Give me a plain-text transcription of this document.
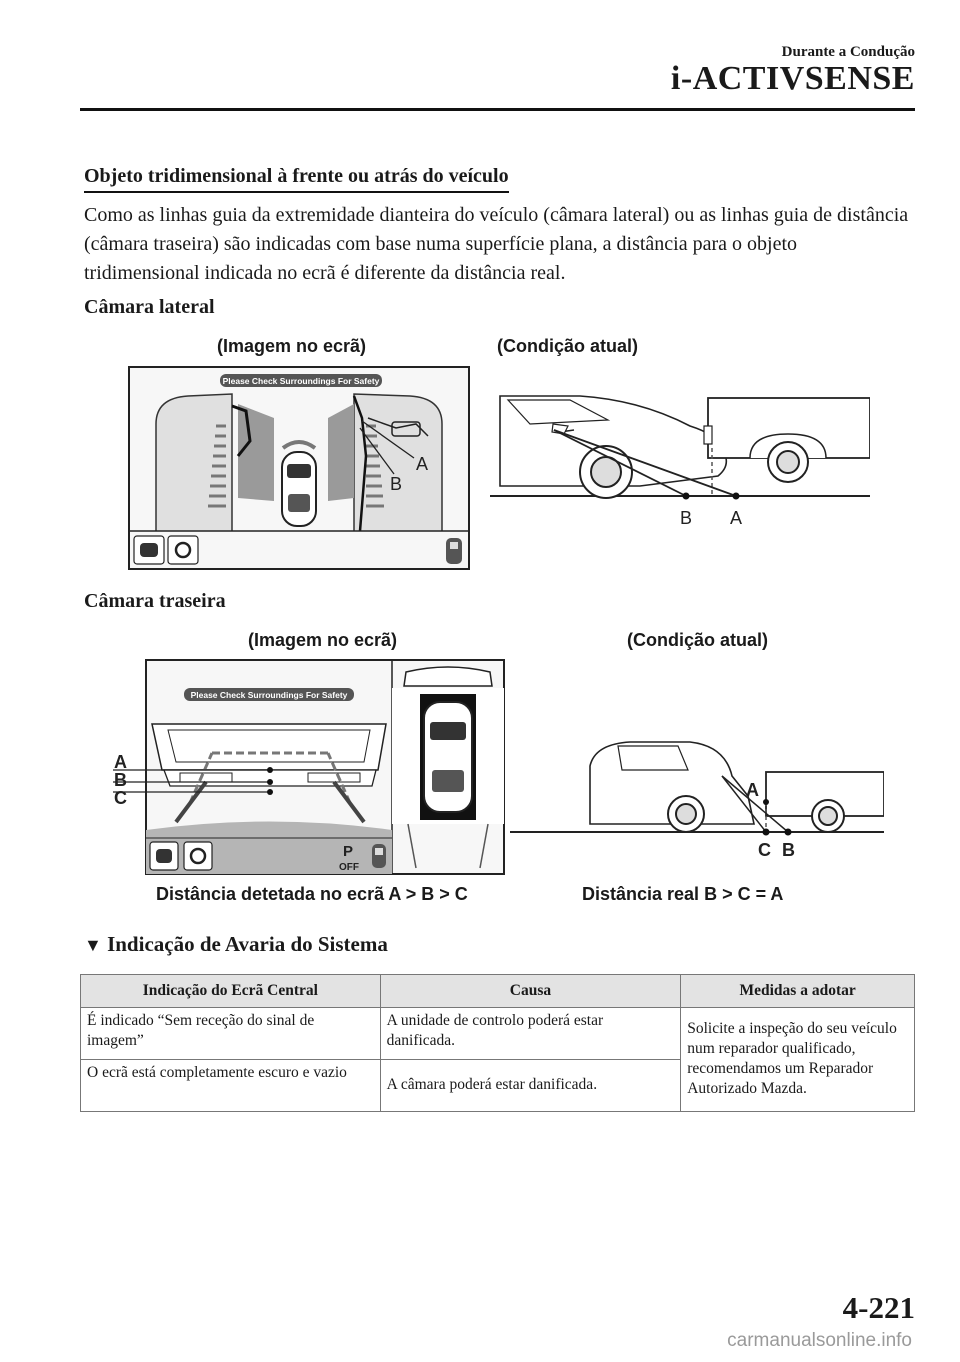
Durante a Condução
i-ACTIVSENSE
Objeto tridimensional à frente ou atrás do veículo
Como as linhas guia da extremidade dianteira do veículo (câmara lateral) ou as linhas guia de distância (câmara traseira) são indicadas com base numa superfície plana, a distância para o objeto tridimensional indicada no ecrã é diferente da distância real.
Câmara lateral
(Imagem no ecrã)	(Condição atual)
Please Check Surroundings For Safety
A
B
B A
Câmara traseira
(Imagem no ecrã)	(Condição atual)
Please Check Surroundings For Safety
A
B
C
P
OFF
A
C B
Distância detetada no ecrã A > B > C	Distância real B > C = A
▼ Indicação de Avaria do Sistema
Indicação do Ecrã Central	Causa	Medidas a adotar
É indicado “Sem receção do sinal de imagem”	A unidade de controlo poderá estar danificada.	Solicite a inspeção do seu veículo num reparador qualificado, recomendamos um Reparador Autorizado Mazda.
O ecrã está completamente escuro e vazio	A câmara poderá estar danificada.	
4-221
carmanualsonline.info
